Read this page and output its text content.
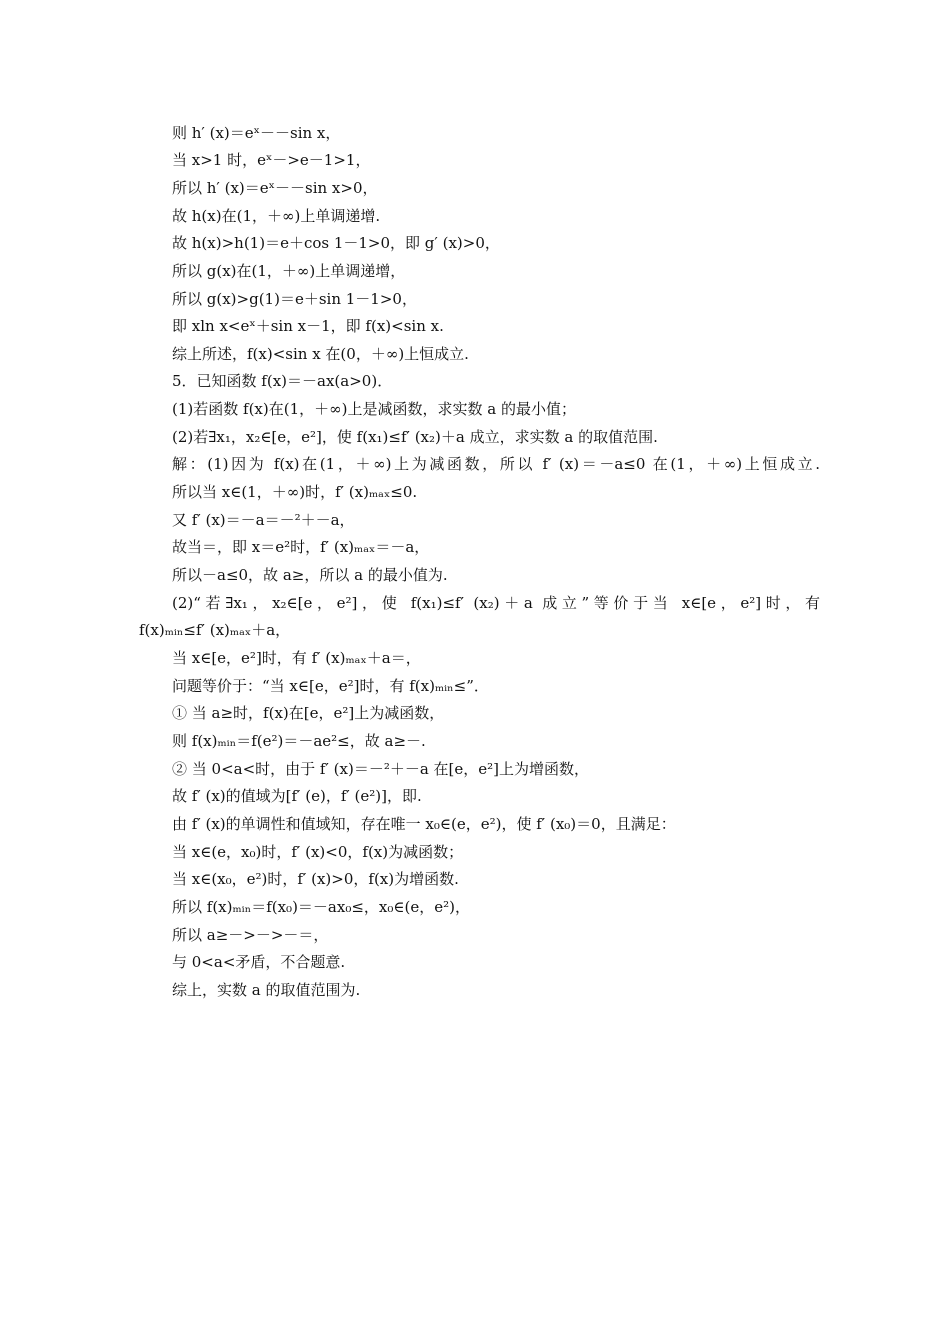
则 h′ (x)＝eˣ－－sin x，
当 x>1 时，eˣ－>e－1>1，
所以 h′ (x)＝eˣ－－sin x>0，
故 h(x)在(1，＋∞)上单调递增.
故 h(x)>h(1)＝e＋cos 1－1>0，即 g′ (x)>0，
所以 g(x)在(1，＋∞)上单调递增，
所以 g(x)>g(1)＝e＋sin 1－1>0，
即 xln x<eˣ＋sin x－1，即 f(x)<sin x.
综上所述，f(x)<sin x 在(0，＋∞)上恒成立.
5．已知函数 f(x)＝－ax(a>0)．
(1)若函数 f(x)在(1，＋∞)上是减函数，求实数 a 的最小值；
(2)若∃x₁，x₂∈[e，e²]，使 f(x₁)≤f′ (x₂)＋a 成立，求实数 a 的取值范围.
解：(1)因为 f(x)在(1，＋∞)上为减函数，所以 f′ (x)＝－a≤0 在(1，＋∞)上恒成立.
所以当 x∈(1，＋∞)时，f′ (x)ₘₐₓ≤0.
又 f′ (x)＝－a＝－²＋－a，
故当＝，即 x＝e²时，f′ (x)ₘₐₓ＝－a，
所以－a≤0，故 a≥，所以 a 的最小值为.
(2)“若∃x₁，x₂∈[e，e²]，使 f(x₁)≤f′ (x₂)＋a 成立”等价于当 x∈[e，e²]时，有
f(x)ₘᵢₙ≤f′ (x)ₘₐₓ＋a，
当 x∈[e，e²]时，有 f′ (x)ₘₐₓ＋a＝，
问题等价于：“当 x∈[e，e²]时，有 f(x)ₘᵢₙ≤”．
① 当 a≥时，f(x)在[e，e²]上为减函数，
则 f(x)ₘᵢₙ＝f(e²)＝－ae²≤，故 a≥－.
② 当 0<a<时，由于 f′ (x)＝－²＋－a 在[e，e²]上为增函数，
故 f′ (x)的值域为[f′ (e)，f′ (e²)]，即.
由 f′ (x)的单调性和值域知，存在唯一 x₀∈(e，e²)，使 f′ (x₀)＝0，且满足：
当 x∈(e，x₀)时，f′ (x)<0，f(x)为减函数；
当 x∈(x₀，e²)时，f′ (x)>0，f(x)为增函数.
所以 f(x)ₘᵢₙ＝f(x₀)＝－ax₀≤，x₀∈(e，e²)，
所以 a≥－>－>－＝，
与 0<a<矛盾，不合题意.
综上，实数 a 的取值范围为.
